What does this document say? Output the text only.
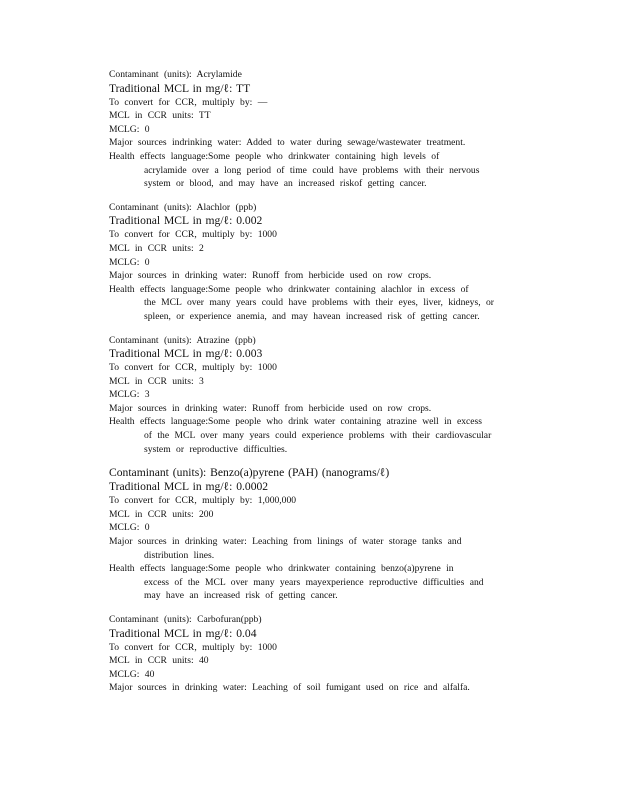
Contaminant (units): Acrylamide
Traditional MCL in mg/ℓ: TT
To convert for CCR, multiply by: —
MCL in CCR units: TT
MCLG: 0
Major sources indrinking water: Added to water during sewage/wastewater treatment.
Health effects language:Some people who drinkwater containing high levels of
acrylamide over a long period of time could have problems with their nervous
system or blood, and may have an increased riskof getting cancer.
Contaminant (units): Alachlor (ppb)
Traditional MCL in mg/ℓ: 0.002
To convert for CCR, multiply by: 1000
MCL in CCR units: 2
MCLG: 0
Major sources in drinking water: Runoff from herbicide used on row crops.
Health effects language:Some people who drinkwater containing alachlor in excess of
the MCL over many years could have problems with their eyes, liver, kidneys, or
spleen, or experience anemia, and may havean increased risk of getting cancer.
Contaminant (units): Atrazine (ppb)
Traditional MCL in mg/ℓ: 0.003
To convert for CCR, multiply by: 1000
MCL in CCR units: 3
MCLG: 3
Major sources in drinking water: Runoff from herbicide used on row crops.
Health effects language:Some people who drink water containing atrazine well in excess
of the MCL over many years could experience problems with their cardiovascular
system or reproductive difficulties.
Contaminant (units): Benzo(a)pyrene (PAH) (nanograms/ℓ)
Traditional MCL in mg/ℓ: 0.0002
To convert for CCR, multiply by: 1,000,000
MCL in CCR units: 200
MCLG: 0
Major sources in drinking water: Leaching from linings of water storage tanks and
distribution lines.
Health effects language:Some people who drinkwater containing benzo(a)pyrene in
excess of the MCL over many years mayexperience reproductive difficulties and
may have an increased risk of getting cancer.
Contaminant (units): Carbofuran(ppb)
Traditional MCL in mg/ℓ: 0.04
To convert for CCR, multiply by: 1000
MCL in CCR units: 40
MCLG: 40
Major sources in drinking water: Leaching of soil fumigant used on rice and alfalfa.
